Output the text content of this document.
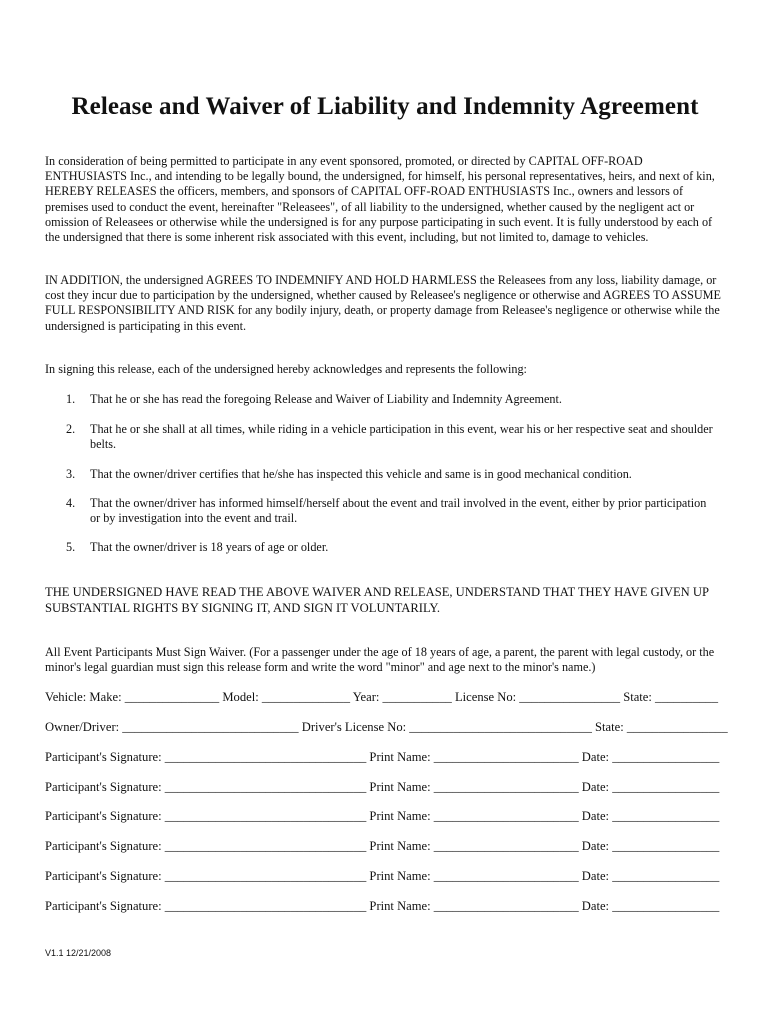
Release and Waiver of Liability and Indemnity Agreement

In consideration of being permitted to participate in any event sponsored, promoted, or directed by CAPITAL OFF-ROAD ENTHUSIASTS Inc., and intending to be legally bound, the undersigned, for himself, his personal representatives, heirs, and next of kin, HEREBY RELEASES the officers, members, and sponsors of CAPITAL OFF-ROAD ENTHUSIASTS Inc., owners and lessors of premises used to conduct the event, hereinafter "Releasees", of all liability to the undersigned, whether caused by the negligent act or omission of Releasees or otherwise while the undersigned is for any purpose participating in such event. It is fully understood by each of the undersigned that there is some inherent risk associated with this event, including, but not limited to, damage to vehicles.

IN ADDITION, the undersigned AGREES TO INDEMNIFY AND HOLD HARMLESS the Releasees from any loss, liability damage, or cost they incur due to participation by the undersigned, whether caused by Releasee's negligence or otherwise and AGREES TO ASSUME FULL RESPONSIBILITY AND RISK for any bodily injury, death, or property damage from Releasee's negligence or otherwise while the undersigned is participating in this event.

In signing this release, each of the undersigned hereby acknowledges and represents the following:

1. That he or she has read the foregoing Release and Waiver of Liability and Indemnity Agreement.
2. That he or she shall at all times, while riding in a vehicle participation in this event, wear his or her respective seat and shoulder belts.
3. That the owner/driver certifies that he/she has inspected this vehicle and same is in good mechanical condition.
4. That the owner/driver has informed himself/herself about the event and trail involved in the event, either by prior participation or by investigation into the event and trail.
5. That the owner/driver is 18 years of age or older.

THE UNDERSIGNED HAVE READ THE ABOVE WAIVER AND RELEASE, UNDERSTAND THAT THEY HAVE GIVEN UP SUBSTANTIAL RIGHTS BY SIGNING IT, AND SIGN IT VOLUNTARILY.

All Event Participants Must Sign Waiver. (For a passenger under the age of 18 years of age, a parent, the parent with legal custody, or the minor's legal guardian must sign this release form and write the word "minor" and age next to the minor's name.)

Vehicle: Make: _______________ Model: ______________ Year: ___________ License No: ________________ State: __________
Owner/Driver: ____________________________ Driver's License No: _____________________________ State: ________________
Participant's Signature: ________________________________ Print Name: _______________________ Date: _________________
Participant's Signature: ________________________________ Print Name: _______________________ Date: _________________
Participant's Signature: ________________________________ Print Name: _______________________ Date: _________________
Participant's Signature: ________________________________ Print Name: _______________________ Date: _________________
Participant's Signature: ________________________________ Print Name: _______________________ Date: _________________
Participant's Signature: ________________________________ Print Name: _______________________ Date: _________________
V1.1 12/21/2008
